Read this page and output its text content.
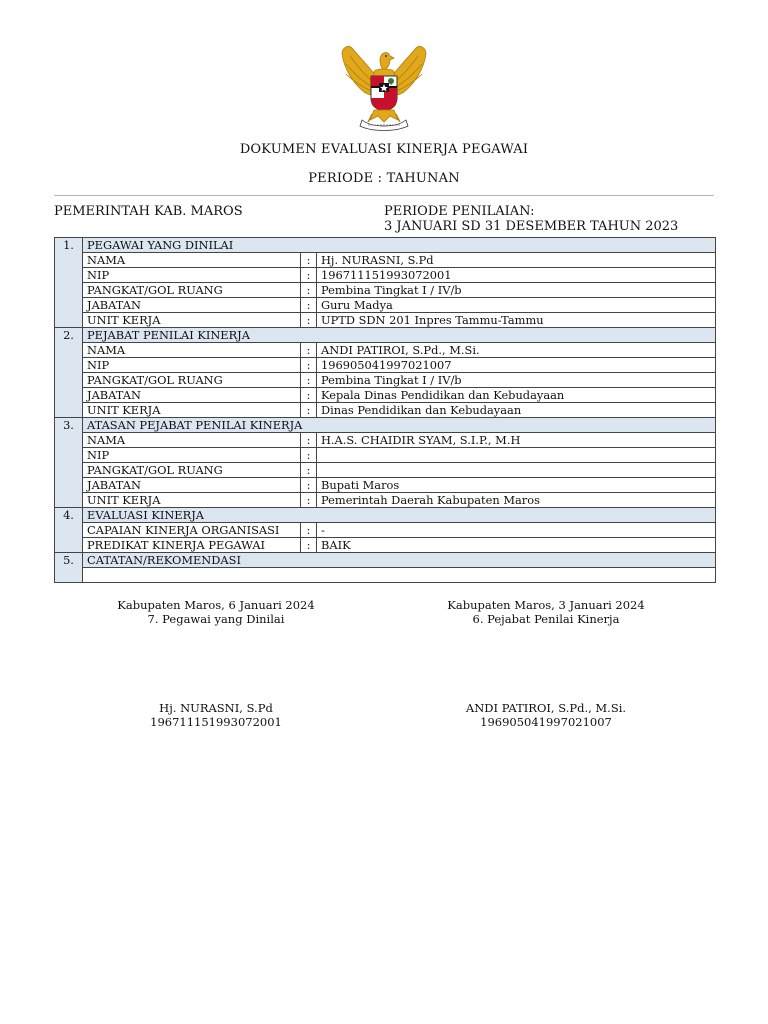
DOKUMEN EVALUASI KINERJA PEGAWAI
PERIODE : TAHUNAN
PEMERINTAH KAB. MAROS	PERIODE PENILAIAN:
3 JANUARI SD 31 DESEMBER TAHUN 2023
1.	PEGAWAI YANG DINILAI		
	NAMA	:	Hj. NURASNI, S.Pd
	NIP	:	196711151993072001
	PANGKAT/GOL RUANG	:	Pembina Tingkat I / IV/b
	JABATAN	:	Guru Madya
	UNIT KERJA	:	UPTD SDN 201 Inpres Tammu-Tammu
2.	PEJABAT PENILAI KINERJA		
	NAMA	:	ANDI PATIROI, S.Pd., M.Si.
	NIP	:	196905041997021007
	PANGKAT/GOL RUANG	:	Pembina Tingkat I / IV/b
	JABATAN	:	Kepala Dinas Pendidikan dan Kebudayaan
	UNIT KERJA	:	Dinas Pendidikan dan Kebudayaan
3.	ATASAN PEJABAT PENILAI KINERJA		
	NAMA	:	H.A.S. CHAIDIR SYAM, S.I.P., M.H
	NIP	:	
	PANGKAT/GOL RUANG	:	
	JABATAN	:	Bupati Maros
	UNIT KERJA	:	Pemerintah Daerah Kabupaten Maros
4.	EVALUASI KINERJA		
	CAPAIAN KINERJA ORGANISASI	:	-
	PREDIKAT KINERJA PEGAWAI	:	BAIK
5.	CATATAN/REKOMENDASI		

Kabupaten Maros, 6 Januari 2024
7. Pegawai yang Dinilai
Hj. NURASNI, S.Pd
196711151993072001
Kabupaten Maros, 3 Januari 2024
6. Pejabat Penilai Kinerja
ANDI PATIROI, S.Pd., M.Si.
196905041997021007
